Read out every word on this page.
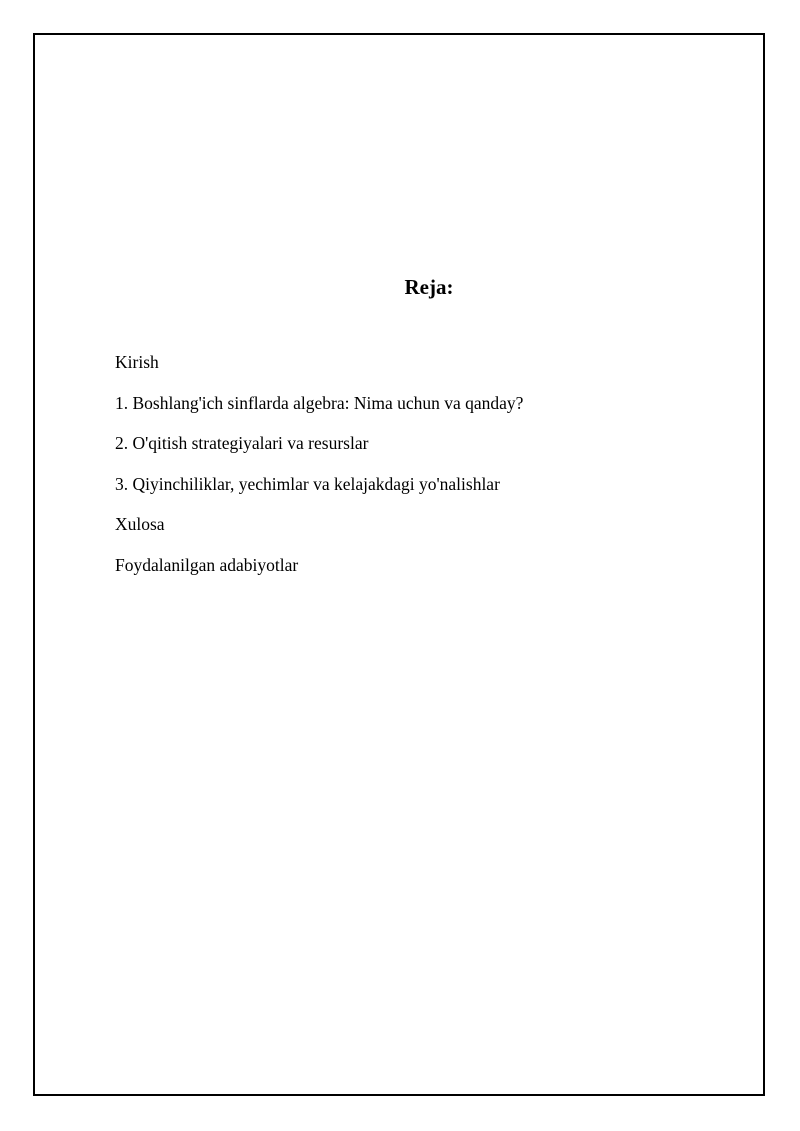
Reja:
Kirish
1. Boshlang'ich sinflarda algebra: Nima uchun va qanday?
2. O'qitish strategiyalari va resurslar
3. Qiyinchiliklar, yechimlar va kelajakdagi yo'nalishlar
Xulosa
Foydalanilgan adabiyotlar
